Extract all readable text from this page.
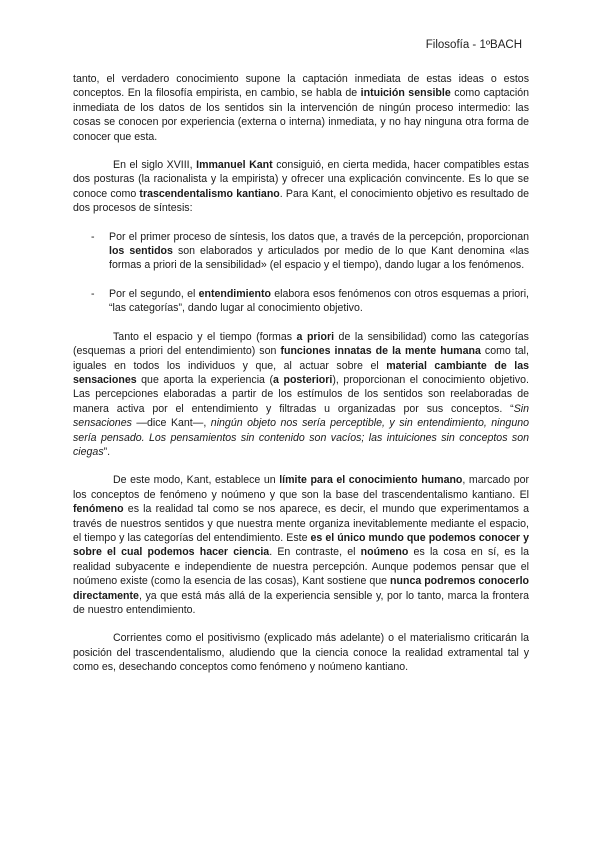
Filosofía - 1ºBACH

tanto, el verdadero conocimiento supone la captación inmediata de estas ideas o estos conceptos. En la filosofía empirista, en cambio, se habla de intuición sensible como captación inmediata de los datos de los sentidos sin la intervención de ningún proceso intermedio: las cosas se conocen por experiencia (externa o interna) inmediata, y no hay ninguna otra forma de conocer que esta.

En el siglo XVIII, Immanuel Kant consiguió, en cierta medida, hacer compatibles estas dos posturas (la racionalista y la empirista) y ofrecer una explicación convincente. Es lo que se conoce como trascendentalismo kantiano. Para Kant, el conocimiento objetivo es resultado de dos procesos de síntesis:

- Por el primer proceso de síntesis, los datos que, a través de la percepción, proporcionan los sentidos son elaborados y articulados por medio de lo que Kant denomina «las formas a priori de la sensibilidad» (el espacio y el tiempo), dando lugar a los fenómenos.
- Por el segundo, el entendimiento elabora esos fenómenos con otros esquemas a priori, “las categorías”, dando lugar al conocimiento objetivo.

Tanto el espacio y el tiempo (formas a priori de la sensibilidad) como las categorías (esquemas a priori del entendimiento) son funciones innatas de la mente humana como tal, iguales en todos los individuos y que, al actuar sobre el material cambiante de las sensaciones que aporta la experiencia (a posteriori), proporcionan el conocimiento objetivo. Las percepciones elaboradas a partir de los estímulos de los sentidos son reelaboradas de manera activa por el entendimiento y filtradas u organizadas por sus conceptos. “Sin sensaciones —dice Kant—, ningún objeto nos sería perceptible, y sin entendimiento, ninguno sería pensado. Los pensamientos sin contenido son vacíos; las intuiciones sin conceptos son ciegas”.

De este modo, Kant, establece un límite para el conocimiento humano, marcado por los conceptos de fenómeno y noúmeno y que son la base del trascendentalismo kantiano. El fenómeno es la realidad tal como se nos aparece, es decir, el mundo que experimentamos a través de nuestros sentidos y que nuestra mente organiza inevitablemente mediante el espacio, el tiempo y las categorías del entendimiento. Este es el único mundo que podemos conocer y sobre el cual podemos hacer ciencia. En contraste, el noúmeno es la cosa en sí, es la realidad subyacente e independiente de nuestra percepción. Aunque podemos pensar que el noúmeno existe (como la esencia de las cosas), Kant sostiene que nunca podremos conocerlo directamente, ya que está más allá de la experiencia sensible y, por lo tanto, marca la frontera de nuestro entendimiento.

Corrientes como el positivismo (explicado más adelante) o el materialismo criticarán la posición del trascendentalismo, aludiendo que la ciencia conoce la realidad extramental tal y como es, desechando conceptos como fenómeno y noúmeno kantiano.
